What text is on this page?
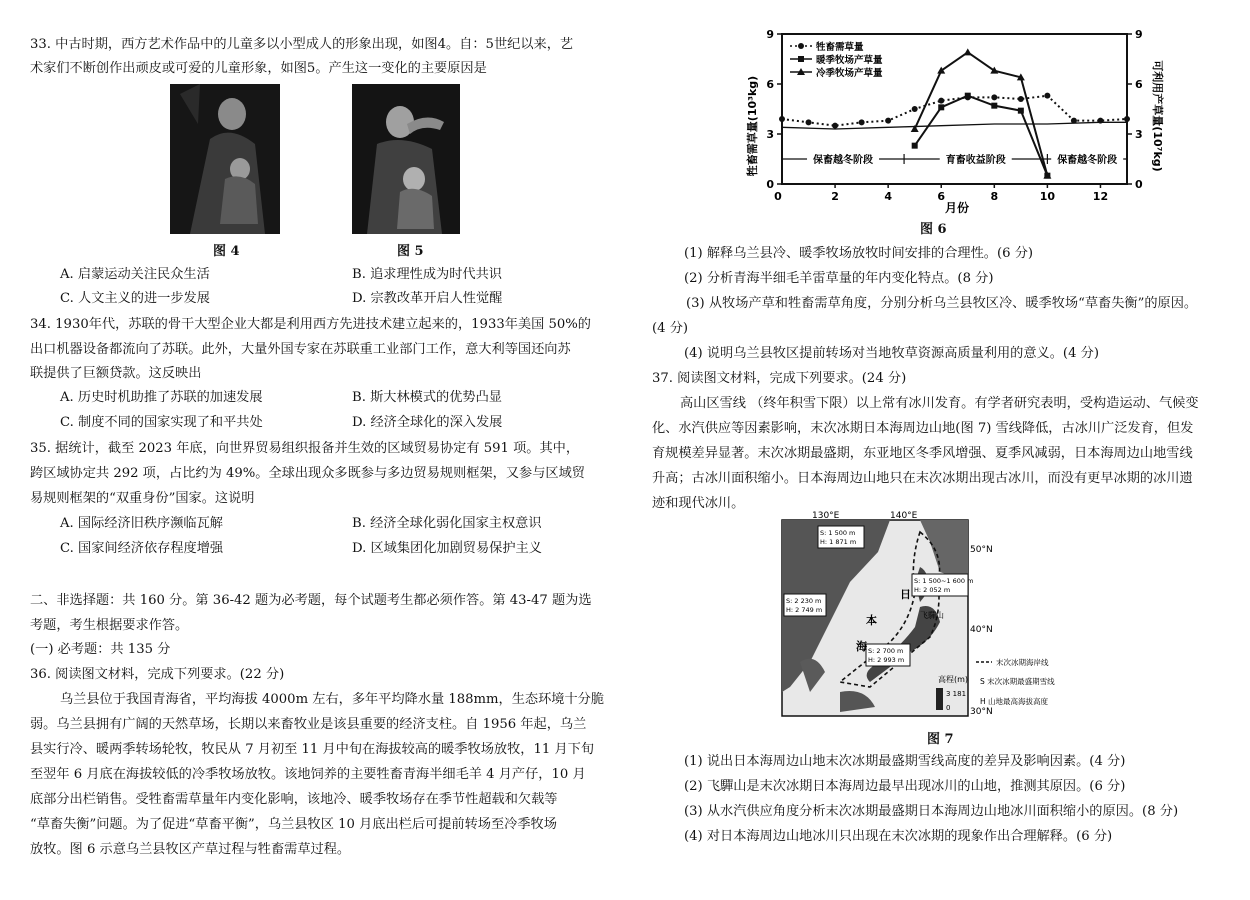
33. 中古时期，西方艺术作品中的儿童多以小型成人的形象出现，如图4。自：5世纪以来，艺
术家们不断创作出顽皮或可爱的儿童形象，如图5。产生这一变化的主要原因是
图 4	图 5
A. 启蒙运动关注民众生活	B. 追求理性成为时代共识
C. 人文主义的进一步发展	D. 宗教改革开启人性觉醒
34. 1930年代，苏联的骨干大型企业大都是利用西方先进技术建立起来的，1933年美国 50%的
出口机器设备都流向了苏联。此外，大量外国专家在苏联重工业部门工作，意大利等国还向苏
联提供了巨额贷款。这反映出
A. 历史时机助推了苏联的加速发展	B. 斯大林模式的优势凸显
C. 制度不同的国家实现了和平共处	D. 经济全球化的深入发展
35. 据统计，截至 2023 年底，向世界贸易组织报备并生效的区域贸易协定有 591 项。其中，
跨区域协定共 292 项，占比约为 49%。全球出现众多既参与多边贸易规则框架，又参与区域贸
易规则框架的“双重身份”国家。这说明
A. 国际经济旧秩序濒临瓦解	B. 经济全球化弱化国家主权意识
C. 国家间经济依存程度增强	D. 区域集团化加剧贸易保护主义
二、非选择题：共 160 分。第 36-42 题为必考题，每个试题考生都必须作答。第 43-47 题为选
考题，考生根据要求作答。
(一) 必考题：共 135 分
36. 阅读图文材料，完成下列要求。(22 分)
乌兰县位于我国青海省，平均海拔 4000m 左右，多年平均降水量 188mm，生态环境十分脆
弱。乌兰县拥有广阔的天然草场，长期以来畜牧业是该县重要的经济支柱。自 1956 年起，乌兰
县实行冷、暖两季转场轮牧，牧民从 7 月初至 11 月中旬在海拔较高的暖季牧场放牧，11 月下旬
至翌年 6 月底在海拔较低的冷季牧场放牧。该地饲养的主要牲畜青海半细毛羊 4 月产仔，10 月
底部分出栏销售。受牲畜需草量年内变化影响，该地冷、暖季牧场存在季节性超载和欠载等
“草畜失衡”问题。为了促进“草畜平衡”，乌兰县牧区 10 月底出栏后可提前转场至冷季牧场
放牧。图 6 示意乌兰县牧区产草过程与牲畜需草过程。
0
3
6
9
0
3
6
9
0	2	4	6	8	10	12
保畜越冬阶段	育畜收益阶段	保畜越冬阶段
牲畜需草量
暖季牧场产草量
冷季牧场产草量
牲畜需草量(10³kg)	可利用产草量(10⁷kg)
月份
图 6
(1) 解释乌兰县冷、暖季牧场放牧时间安排的合理性。(6 分)
(2) 分析青海半细毛羊雷草量的年内变化特点。(8 分)
(3) 从牧场产草和牲畜需草角度，分别分析乌兰县牧区冷、暖季牧场“草畜失衡”的原因。
(4 分)
(4) 说明乌兰县牧区提前转场对当地牧草资源高质量利用的意义。(4 分)
37. 阅读图文材料，完成下列要求。(24 分)
高山区雪线 （终年积雪下限）以上常有冰川发育。有学者研究表明，受构造运动、气候变
化、水汽供应等因素影响，末次冰期日本海周边山地(图 7) 雪线降低，古冰川广泛发育，但发
育规模差异显著。末次冰期最盛期，东亚地区冬季风增强、夏季风减弱，日本海周边山地雪线
升高；古冰川面积缩小。日本海周边山地只在末次冰期出现古冰川，而没有更早冰期的冰川遗
迹和现代冰川。
130°E	140°E
50°N
40°N
30°N
S: 1 500 m
H: 1 871 m
S: 1 500~1 600 m
H: 2 052 m
S: 2 230 m
H: 2 749 m
S: 2 700 m
H: 2 993 m
日
本
海
飞驒山
高程(m)
3 181
0
末次冰期海岸线
S 末次冰期最盛期雪线
H 山地最高海拔高度
图 7
(1) 说出日本海周边山地末次冰期最盛期雪线高度的差异及影响因素。(4 分)
(2) 飞驒山是末次冰期日本海周边最早出现冰川的山地，推测其原因。(6 分)
(3) 从水汽供应角度分析末次冰期最盛期日本海周边山地冰川面积缩小的原因。(8 分)
(4) 对日本海周边山地冰川只出现在末次冰期的现象作出合理解释。(6 分)
